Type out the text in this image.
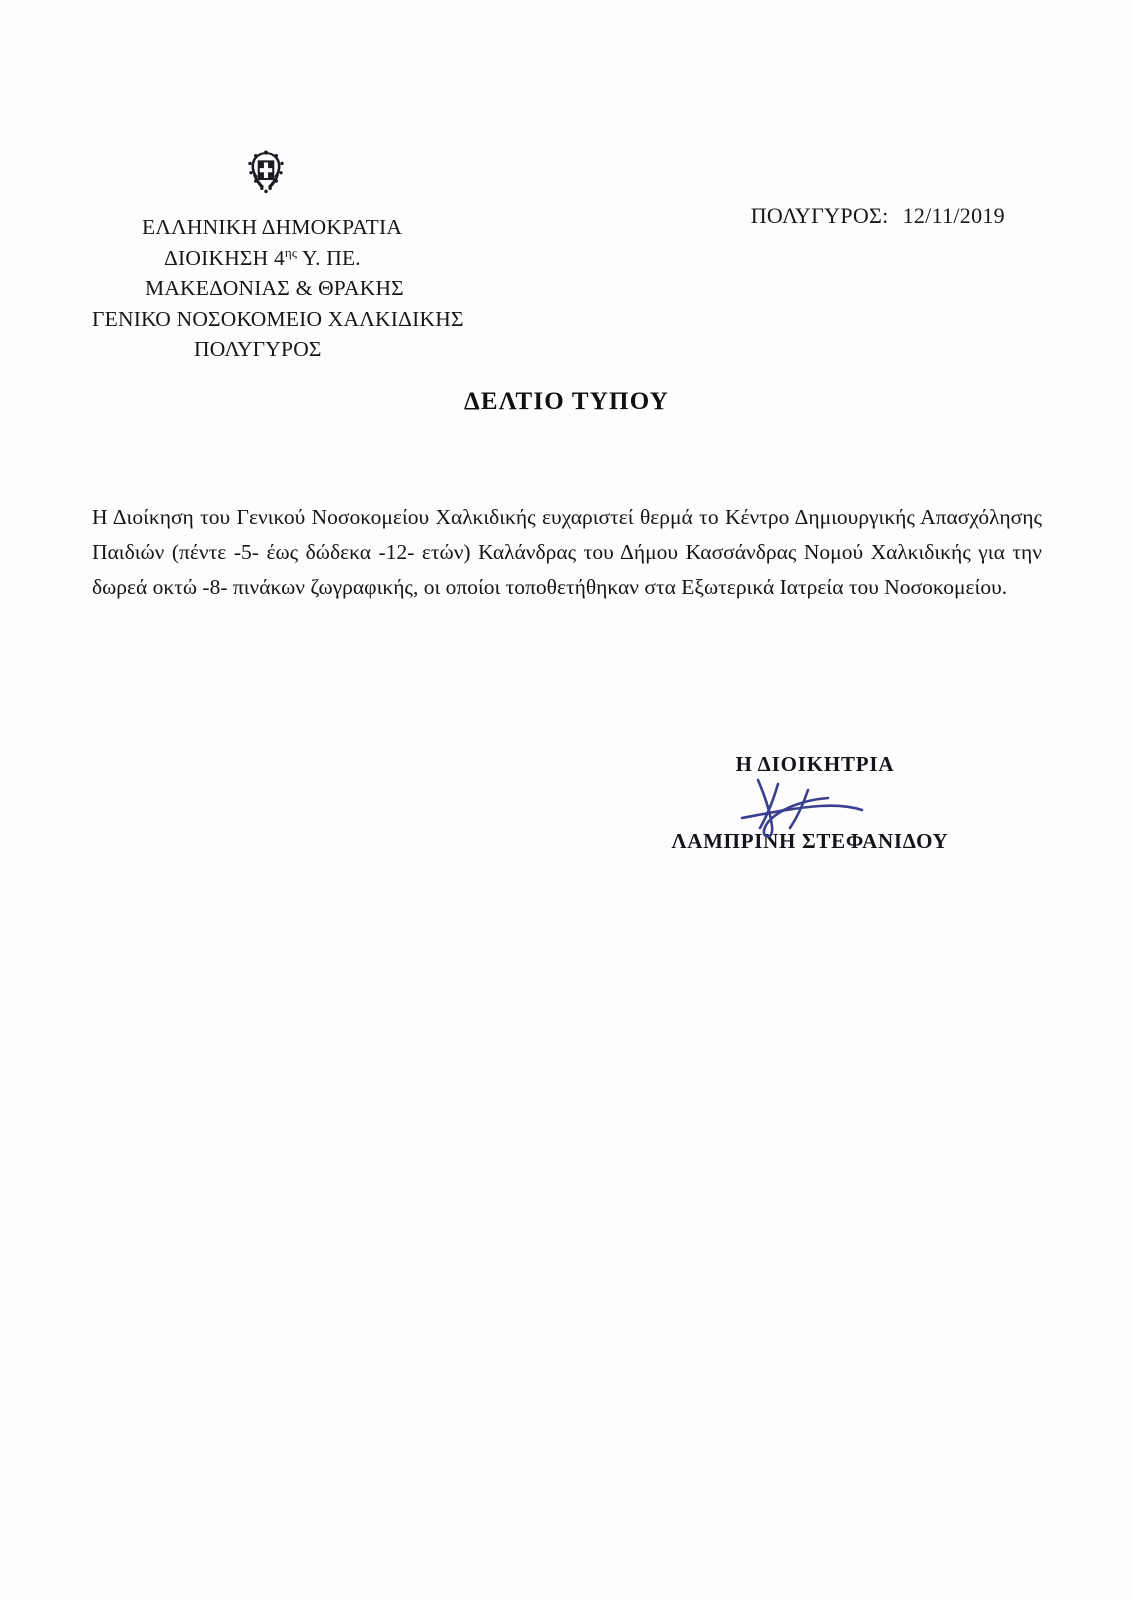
ΕΛΛΗΝΙΚΗ ΔΗΜΟΚΡΑΤΙΑ
ΔΙΟΙΚΗΣΗ $4^{\eta\varsigma}$ Υ. ΠΕ.
ΜΑΚΕΔΟΝΙΑΣ & ΘΡΑΚΗΣ
ΓΕΝΙΚΟ ΝΟΣΟΚΟΜΕΙΟ ΧΑΛΚΙΔΙΚΗΣ
ΠΟΛΥΓΥΡΟΣ
ΠΟΛΥΓΥΡΟΣ: 12/11/2019
ΔΕΛΤΙΟ ΤΥΠΟΥ
Η Διοίκηση του Γενικού Νοσοκομείου Χαλκιδικής ευχαριστεί θερμά το Κέντρο Δημιουργικής Απασχόλησης Παιδιών (πέντε -5- έως δώδεκα -12- ετών) Καλάνδρας του Δήμου Κασσάνδρας Νομού Χαλκιδικής για την δωρεά οκτώ -8- πινάκων ζωγραφικής, οι οποίοι τοποθετήθηκαν στα Εξωτερικά Ιατρεία του Νοσοκομείου.
Η ΔΙΟΙΚΗΤΡΙΑ
ΛΑΜΠΡΙΝΗ ΣΤΕΦΑΝΙΔΟΥ
